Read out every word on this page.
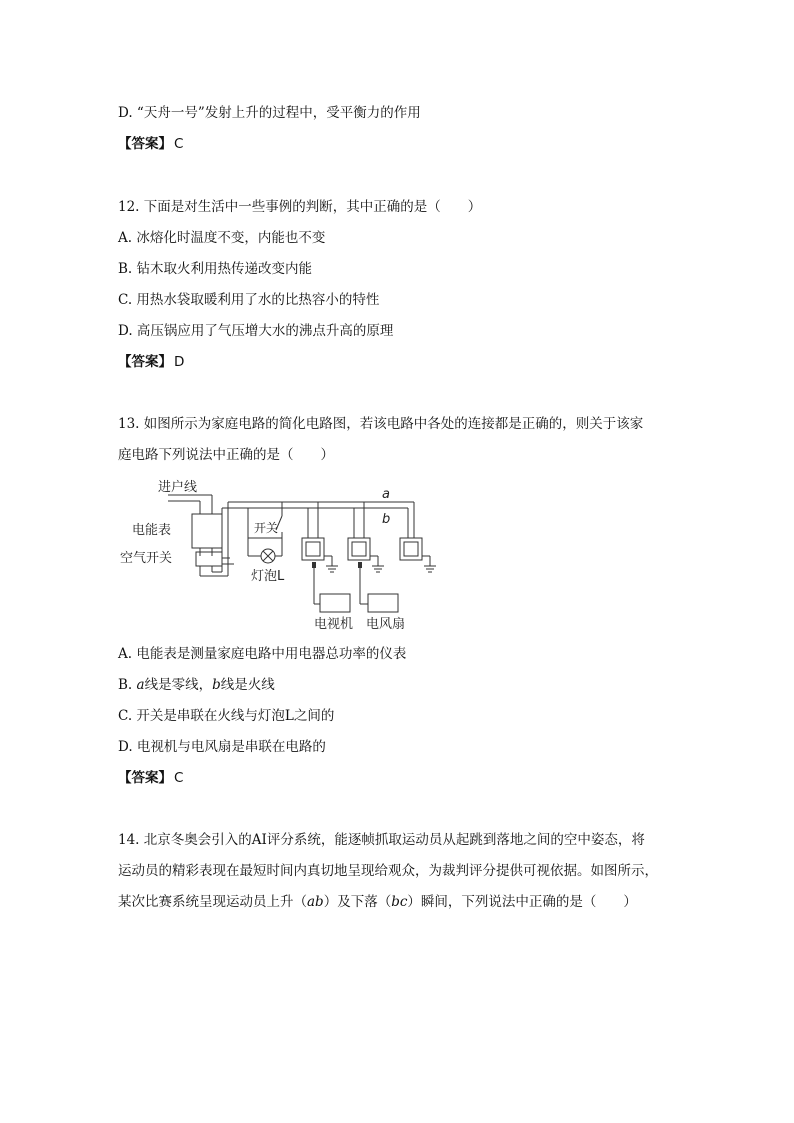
D. “天舟一号”发射上升的过程中，受平衡力的作用
【答案】 C
12. 下面是对生活中一些事例的判断，其中正确的是（　　）
A. 冰熔化时温度不变，内能也不变
B. 钻木取火利用热传递改变内能
C. 用热水袋取暖利用了水的比热容小的特性
D. 高压锅应用了气压增大水的沸点升高的原理
【答案】 D
13. 如图所示为家庭电路的简化电路图，若该电路中各处的连接都是正确的，则关于该家
庭电路下列说法中正确的是（　　）
进户线
电能表
空气开关
开关
灯泡L
a
b
电视机 电风扇
A. 电能表是测量家庭电路中用电器总功率的仪表
B. a线是零线，b线是火线
C. 开关是串联在火线与灯泡L之间的
D. 电视机与电风扇是串联在电路的
【答案】 C
14. 北京冬奥会引入的AI评分系统，能逐帧抓取运动员从起跳到落地之间的空中姿态，将
运动员的精彩表现在最短时间内真切地呈现给观众，为裁判评分提供可视依据。如图所示，
某次比赛系统呈现运动员上升（ab）及下落（bc）瞬间，下列说法中正确的是（　　）
